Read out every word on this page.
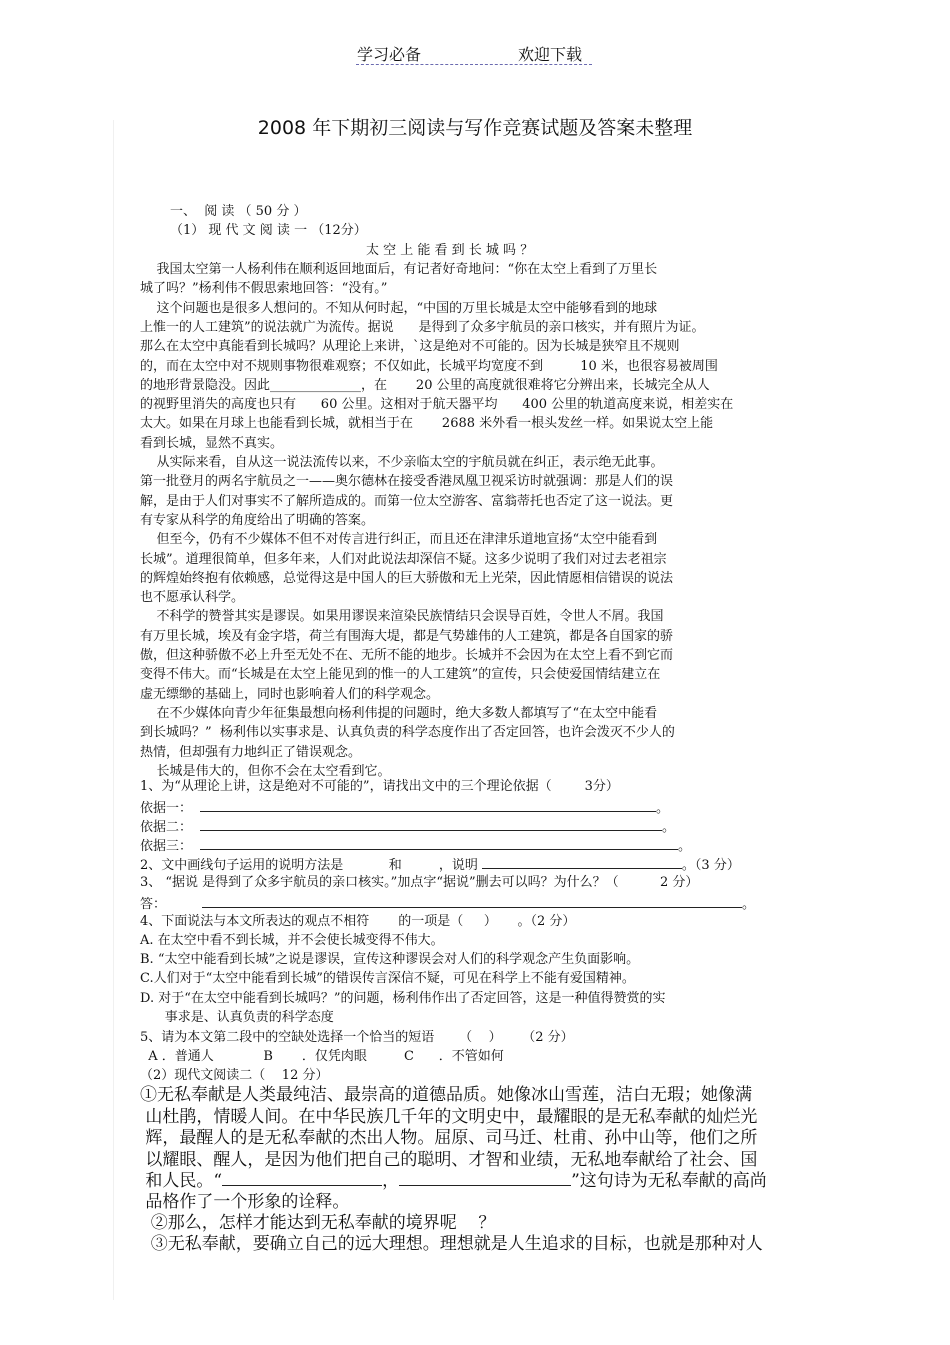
学习必备	欢迎下载
2008 年下期初三阅读与写作竞赛试题及答案未整理
一、  阅 读 （ 50 分 ）
（1） 现 代 文 阅 读 一 （12分）
太 空 上 能 看 到 长 城 吗 ？
我国太空第一人杨利伟在顺利返回地面后，有记者好奇地问：“你在太空上看到了万里长
城了吗？”杨利伟不假思索地回答：“没有。”
这个问题也是很多人想问的。不知从何时起，“中国的万里长城是太空中能够看到的地球
上惟一的人工建筑”的说法就广为流传。据说      是得到了众多宇航员的亲口核实，并有照片为证。
那么在太空中真能看到长城吗？从理论上来讲，`这是绝对不可能的。因为长城是狭窄且不规则
的，而在太空中对不规则事物很难观察；不仅如此，长城平均宽度不到         10 米，也很容易被周围
的地形背景隐没。因此______________，在       20 公里的高度就很难将它分辨出来，长城完全从人
的视野里消失的高度也只有      60 公里。这相对于航天器平均      400 公里的轨道高度来说，相差实在
太大。如果在月球上也能看到长城，就相当于在       2688 米外看一根头发丝一样。如果说太空上能
看到长城，显然不真实。
从实际来看，自从这一说法流传以来，不少亲临太空的宇航员就在纠正，表示绝无此事。
第一批登月的两名宇航员之一——奥尔德林在接受香港凤凰卫视采访时就强调：那是人们的误
解，是由于人们对事实不了解所造成的。而第一位太空游客、富翁蒂托也否定了这一说法。更
有专家从科学的角度给出了明确的答案。
但至今，仍有不少媒体不但不对传言进行纠正，而且还在津津乐道地宣扬“太空中能看到
长城”。道理很简单，但多年来，人们对此说法却深信不疑。这多少说明了我们对过去老祖宗
的辉煌始终抱有依赖感，总觉得这是中国人的巨大骄傲和无上光荣，因此情愿相信错误的说法
也不愿承认科学。
不科学的赞誉其实是谬误。如果用谬误来渲染民族情结只会误导百姓，令世人不屑。我国
有万里长城，埃及有金字塔，荷兰有围海大堤，都是气势雄伟的人工建筑，都是各自国家的骄
傲，但这种骄傲不必上升至无处不在、无所不能的地步。长城并不会因为在太空上看不到它而
变得不伟大。而“长城是在太空上能见到的惟一的人工建筑”的宣传，只会使爱国情结建立在
虚无缥缈的基础上，同时也影响着人们的科学观念。
在不少媒体向青少年征集最想向杨利伟提的问题时，绝大多数人都填写了“在太空中能看
到长城吗？”  杨利伟以实事求是、认真负责的科学态度作出了否定回答，也许会泼灭不少人的
热情，但却强有力地纠正了错误观念。
长城是伟大的，但你不会在太空看到它。
1、为“从理论上讲，这是绝对不可能的”，请找出文中的三个理论依据（        3分）
依据一：	。
依据二：	。
依据三：	。
2、文中画线句子运用的说明方法是           和         ，说明	。（3 分）
3、 “据说 是得到了众多宇航员的亲口核实。”加点字“据说”删去可以吗？为什么？（          2 分）
答：	。
4、下面说法与本文所表达的观点不相符       的一项是（     ）     。（2 分）
A. 在太空中看不到长城，并不会使长城变得不伟大。
B. “太空中能看到长城”之说是谬误，宣传这种谬误会对人们的科学观念产生负面影响。
C.人们对于“太空中能看到长城”的错误传言深信不疑，可见在科学上不能有爱国精神。
D. 对于“在太空中能看到长城吗？”的问题，杨利伟作出了否定回答，这是一种值得赞赏的实
事求是、认真负责的科学态度
5、请为本文第二段中的空缺处选择一个恰当的短语      （    ）     （2 分）
A ．普通人            B       ．仅凭肉眼         C      ．不管如何
（2）现代文阅读二（    12 分）
①无私奉献是人类最纯洁、最崇高的道德品质。她像冰山雪莲，洁白无瑕；她像满
山杜鹃，情暖人间。在中华民族几千年的文明史中，最耀眼的是无私奉献的灿烂光
辉，最醒人的是无私奉献的杰出人物。屈原、司马迁、杜甫、孙中山等，他们之所
以耀眼、醒人，是因为他们把自己的聪明、才智和业绩，无私地奉献给了社会、国
和人民。“	，	”这句诗为无私奉献的高尚
品格作了一个形象的诠释。
②那么，怎样才能达到无私奉献的境界呢    ？
③无私奉献，要确立自己的远大理想。理想就是人生追求的目标，也就是那种对人
